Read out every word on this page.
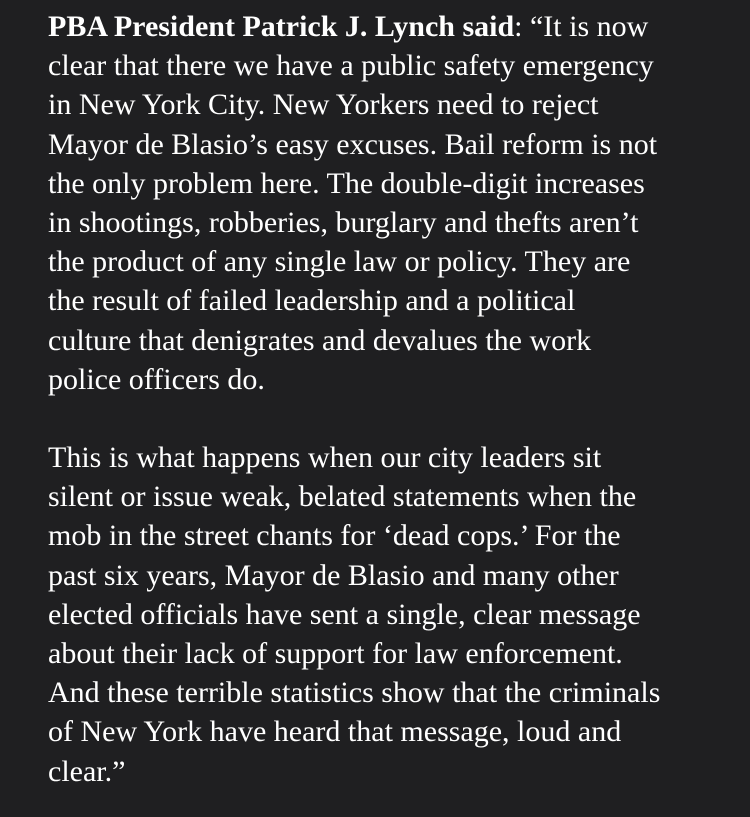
PBA President Patrick J. Lynch said: “It is now
clear that there we have a public safety emergency
in New York City. New Yorkers need to reject
Mayor de Blasio’s easy excuses. Bail reform is not
the only problem here. The double-digit increases
in shootings, robberies, burglary and thefts aren’t
the product of any single law or policy. They are
the result of failed leadership and a political
culture that denigrates and devalues the work
police officers do.

This is what happens when our city leaders sit
silent or issue weak, belated statements when the
mob in the street chants for ‘dead cops.’ For the
past six years, Mayor de Blasio and many other
elected officials have sent a single, clear message
about their lack of support for law enforcement.
And these terrible statistics show that the criminals
of New York have heard that message, loud and
clear.”
